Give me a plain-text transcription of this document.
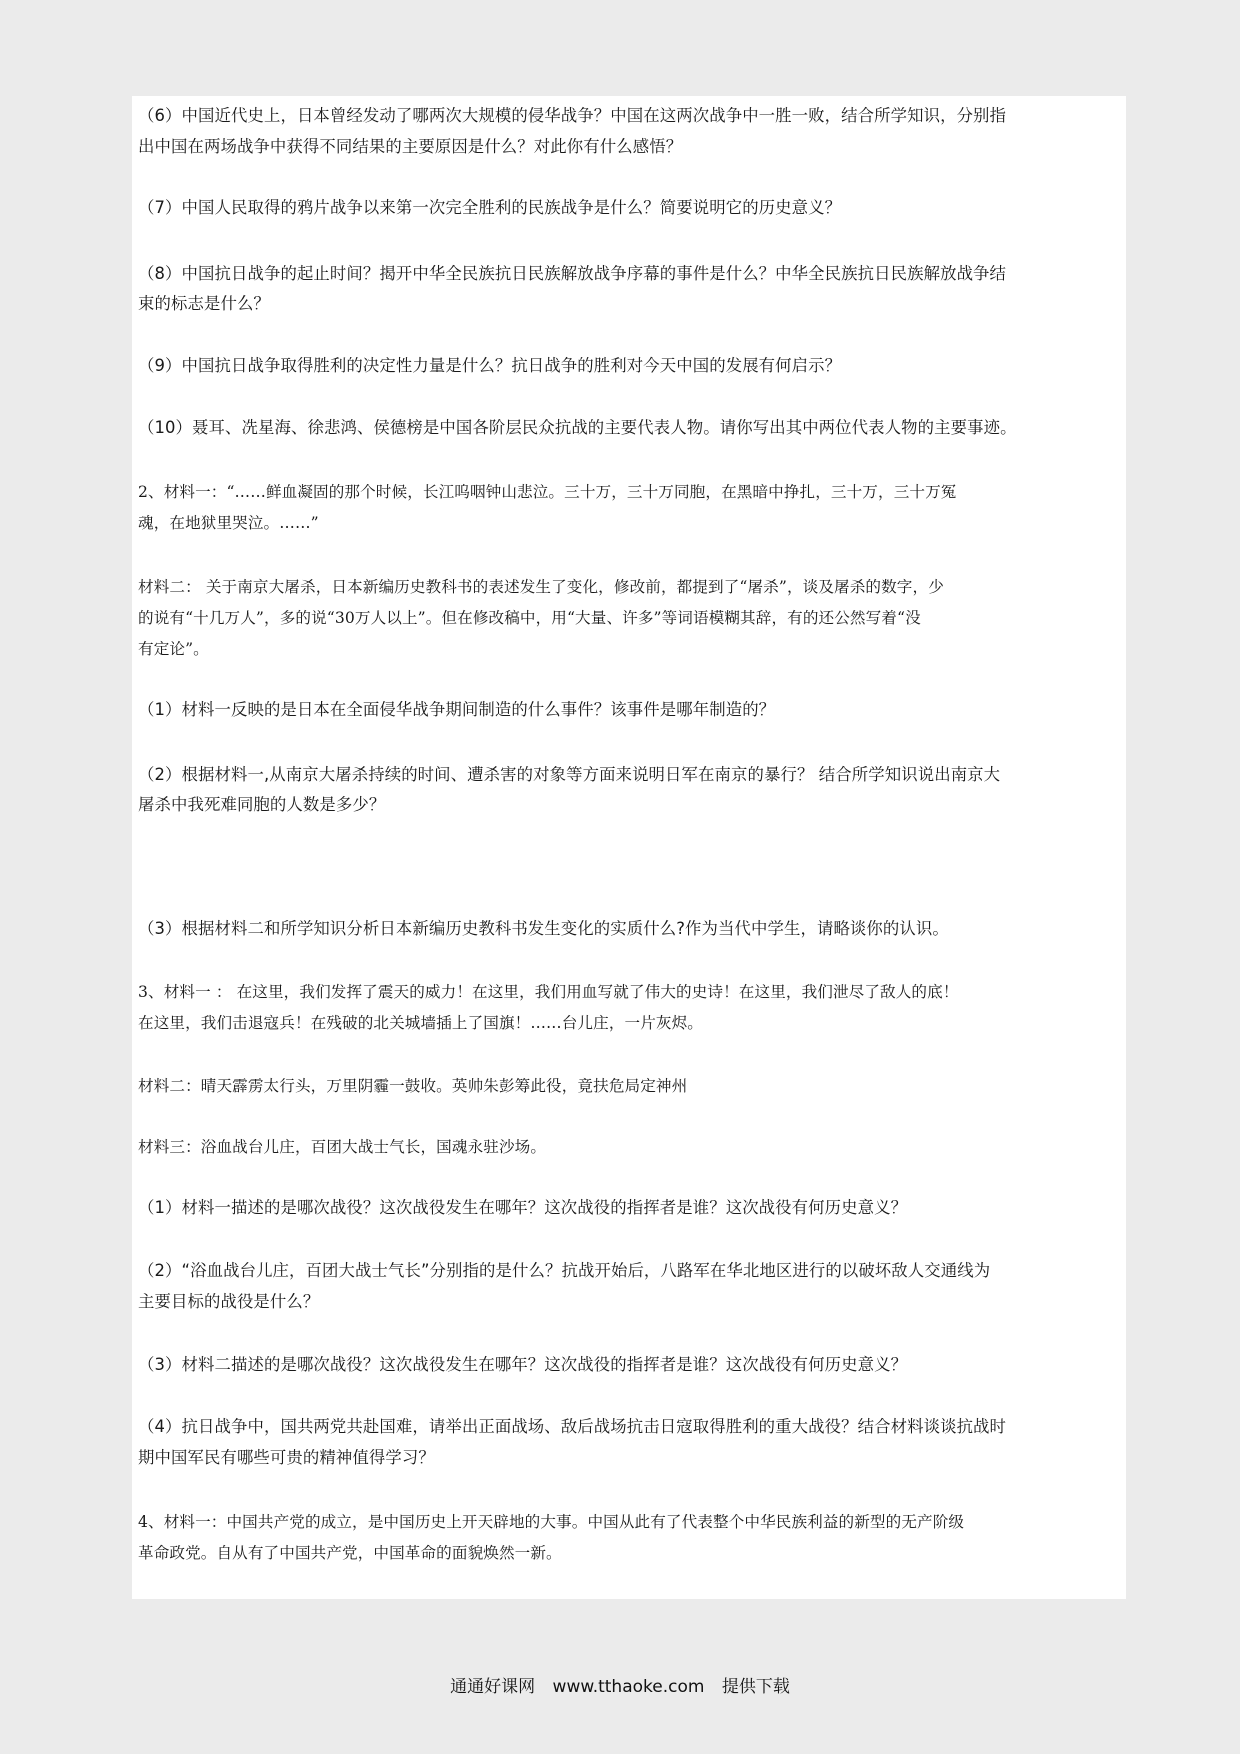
（6）中国近代史上，日本曾经发动了哪两次大规模的侵华战争？中国在这两次战争中一胜一败，结合所学知识，分别指
出中国在两场战争中获得不同结果的主要原因是什么？对此你有什么感悟？
（7）中国人民取得的鸦片战争以来第一次完全胜利的民族战争是什么？简要说明它的历史意义？
（8）中国抗日战争的起止时间？揭开中华全民族抗日民族解放战争序幕的事件是什么？中华全民族抗日民族解放战争结
束的标志是什么？
（9）中国抗日战争取得胜利的决定性力量是什么？抗日战争的胜利对今天中国的发展有何启示？
（10）聂耳、冼星海、徐悲鸿、侯德榜是中国各阶层民众抗战的主要代表人物。请你写出其中两位代表人物的主要事迹。
2、材料一：“……鲜血凝固的那个时候，长江呜咽钟山悲泣。三十万，三十万同胞，在黑暗中挣扎，三十万，三十万冤
魂，在地狱里哭泣。……”
材料二： 关于南京大屠杀，日本新编历史教科书的表述发生了变化，修改前，都提到了“屠杀”，谈及屠杀的数字，少
的说有“十几万人”，多的说“30万人以上”。但在修改稿中，用“大量、许多”等词语模糊其辞，有的还公然写着“没
有定论”。
（1）材料一反映的是日本在全面侵华战争期间制造的什么事件？该事件是哪年制造的？
（2）根据材料一,从南京大屠杀持续的时间、遭杀害的对象等方面来说明日军在南京的暴行？ 结合所学知识说出南京大
屠杀中我死难同胞的人数是多少？
（3）根据材料二和所学知识分析日本新编历史教科书发生变化的实质什么?作为当代中学生，请略谈你的认识。
3、材料一 ： 在这里，我们发挥了震天的威力！在这里，我们用血写就了伟大的史诗！在这里，我们泄尽了敌人的底！
在这里，我们击退寇兵！在残破的北关城墙插上了国旗！……台儿庄，一片灰烬。
材料二：晴天霹雳太行头，万里阴霾一鼓收。英帅朱彭筹此役，竟扶危局定神州
材料三：浴血战台儿庄，百团大战士气长，国魂永驻沙场。
（1）材料一描述的是哪次战役？这次战役发生在哪年？这次战役的指挥者是谁？这次战役有何历史意义？
（2）“浴血战台儿庄，百团大战士气长”分别指的是什么？抗战开始后，八路军在华北地区进行的以破坏敌人交通线为
主要目标的战役是什么？
（3）材料二描述的是哪次战役？这次战役发生在哪年？这次战役的指挥者是谁？这次战役有何历史意义？
（4）抗日战争中，国共两党共赴国难，请举出正面战场、敌后战场抗击日寇取得胜利的重大战役？结合材料谈谈抗战时
期中国军民有哪些可贵的精神值得学习？
4、材料一：中国共产党的成立，是中国历史上开天辟地的大事。中国从此有了代表整个中华民族利益的新型的无产阶级
革命政党。自从有了中国共产党，中国革命的面貌焕然一新。
通通好课网 www.tthaoke.com 提供下载
